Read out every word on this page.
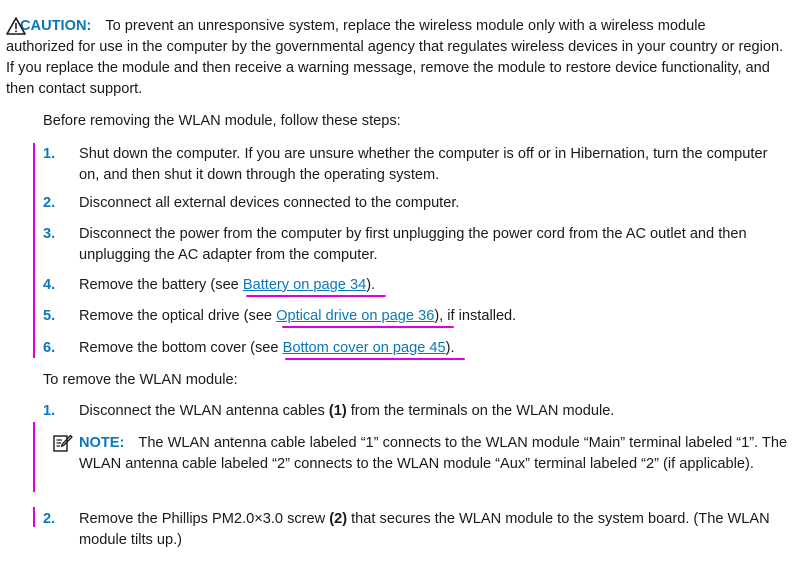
CAUTION: To prevent an unresponsive system, replace the wireless module only with a wireless module
authorized for use in the computer by the governmental agency that regulates wireless devices in your country or region. If you replace the module and then receive a warning message, remove the module to restore device functionality, and then contact support.
Before removing the WLAN module, follow these steps:
1. Shut down the computer. If you are unsure whether the computer is off or in Hibernation, turn the computer on, and then shut it down through the operating system.
2. Disconnect all external devices connected to the computer.
3. Disconnect the power from the computer by first unplugging the power cord from the AC outlet and then unplugging the AC adapter from the computer.
4. Remove the battery (see Battery on page 34).
5. Remove the optical drive (see Optical drive on page 36), if installed.
6. Remove the bottom cover (see Bottom cover on page 45).
To remove the WLAN module:
1. Disconnect the WLAN antenna cables (1) from the terminals on the WLAN module.
NOTE: The WLAN antenna cable labeled “1” connects to the WLAN module “Main” terminal labeled “1”. The WLAN antenna cable labeled “2” connects to the WLAN module “Aux” terminal labeled “2” (if applicable).
2. Remove the Phillips PM2.0×3.0 screw (2) that secures the WLAN module to the system board. (The WLAN module tilts up.)
